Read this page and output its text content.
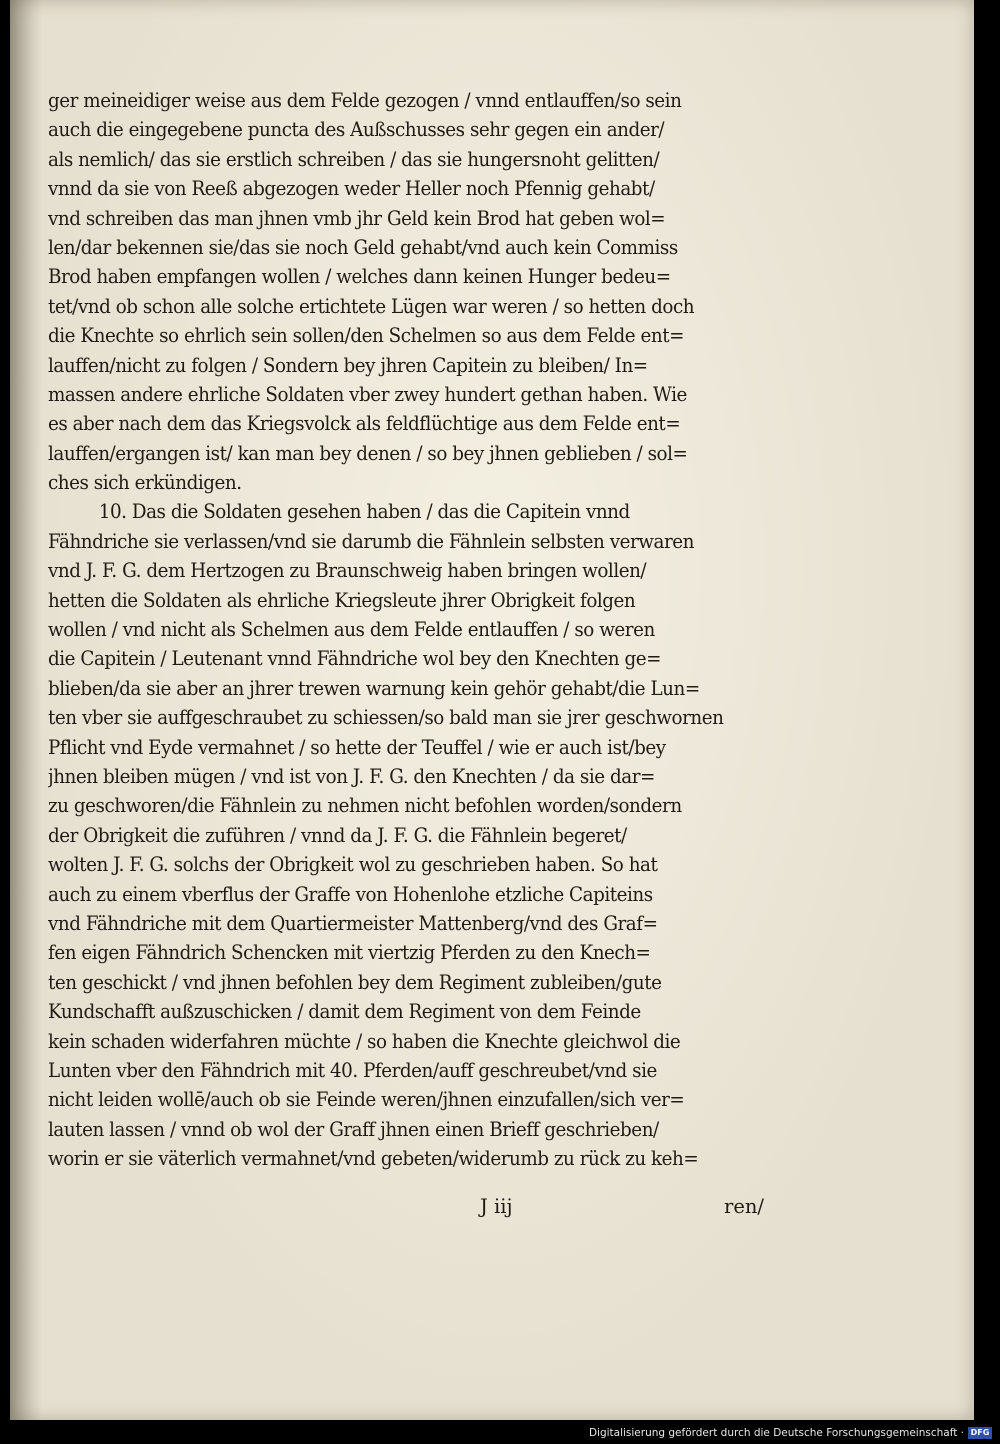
ger meineidiger weise aus dem Felde gezogen / vnnd entlauffen/so sein
auch die eingegebene puncta des Außschusses sehr gegen ein ander/
als nemlich/ das sie erstlich schreiben / das sie hungersnoht gelitten/
vnnd da sie von Reeß abgezogen weder Heller noch Pfennig gehabt/
vnd schreiben das man jhnen vmb jhr Geld kein Brod hat geben wol=
len/dar bekennen sie/das sie noch Geld gehabt/vnd auch kein Commiss
Brod haben empfangen wollen / welches dann keinen Hunger bedeu=
tet/vnd ob schon alle solche ertichtete Lügen war weren / so hetten doch
die Knechte so ehrlich sein sollen/den Schelmen so aus dem Felde ent=
lauffen/nicht zu folgen / Sondern bey jhren Capitein zu bleiben/ In=
massen andere ehrliche Soldaten vber zwey hundert gethan haben. Wie
es aber nach dem das Kriegsvolck als feldflüchtige aus dem Felde ent=
lauffen/ergangen ist/ kan man bey denen / so bey jhnen geblieben / sol=
ches sich erkündigen.
10. Das die Soldaten gesehen haben / das die Capitein vnnd
Fähndriche sie verlassen/vnd sie darumb die Fähnlein selbsten verwaren
vnd J. F. G. dem Hertzogen zu Braunschweig haben bringen wollen/
hetten die Soldaten als ehrliche Kriegsleute jhrer Obrigkeit folgen
wollen / vnd nicht als Schelmen aus dem Felde entlauffen / so weren
die Capitein / Leutenant vnnd Fähndriche wol bey den Knechten ge=
blieben/da sie aber an jhrer trewen warnung kein gehör gehabt/die Lun=
ten vber sie auffgeschraubet zu schiessen/so bald man sie jrer geschwornen
Pflicht vnd Eyde vermahnet / so hette der Teuffel / wie er auch ist/bey
jhnen bleiben mügen / vnd ist von J. F. G. den Knechten / da sie dar=
zu geschworen/die Fähnlein zu nehmen nicht befohlen worden/sondern
der Obrigkeit die zuführen / vnnd da J. F. G. die Fähnlein begeret/
wolten J. F. G. solchs der Obrigkeit wol zu geschrieben haben. So hat
auch zu einem vberflus der Graffe von Hohenlohe etzliche Capiteins
vnd Fähndriche mit dem Quartiermeister Mattenberg/vnd des Graf=
fen eigen Fähndrich Schencken mit viertzig Pferden zu den Knech=
ten geschickt / vnd jhnen befohlen bey dem Regiment zubleiben/gute
Kundschafft außzuschicken / damit dem Regiment von dem Feinde
kein schaden widerfahren müchte / so haben die Knechte gleichwol die
Lunten vber den Fähndrich mit 40. Pferden/auff geschreubet/vnd sie
nicht leiden wollē/auch ob sie Feinde weren/jhnen einzufallen/sich ver=
lauten lassen / vnnd ob wol der Graff jhnen einen Brieff geschrieben/
worin er sie väterlich vermahnet/vnd gebeten/widerumb zu rück zu keh=
J iij	ren/
Digitalisierung gefördert durch die Deutsche Forschungsgemeinschaft · DFG
